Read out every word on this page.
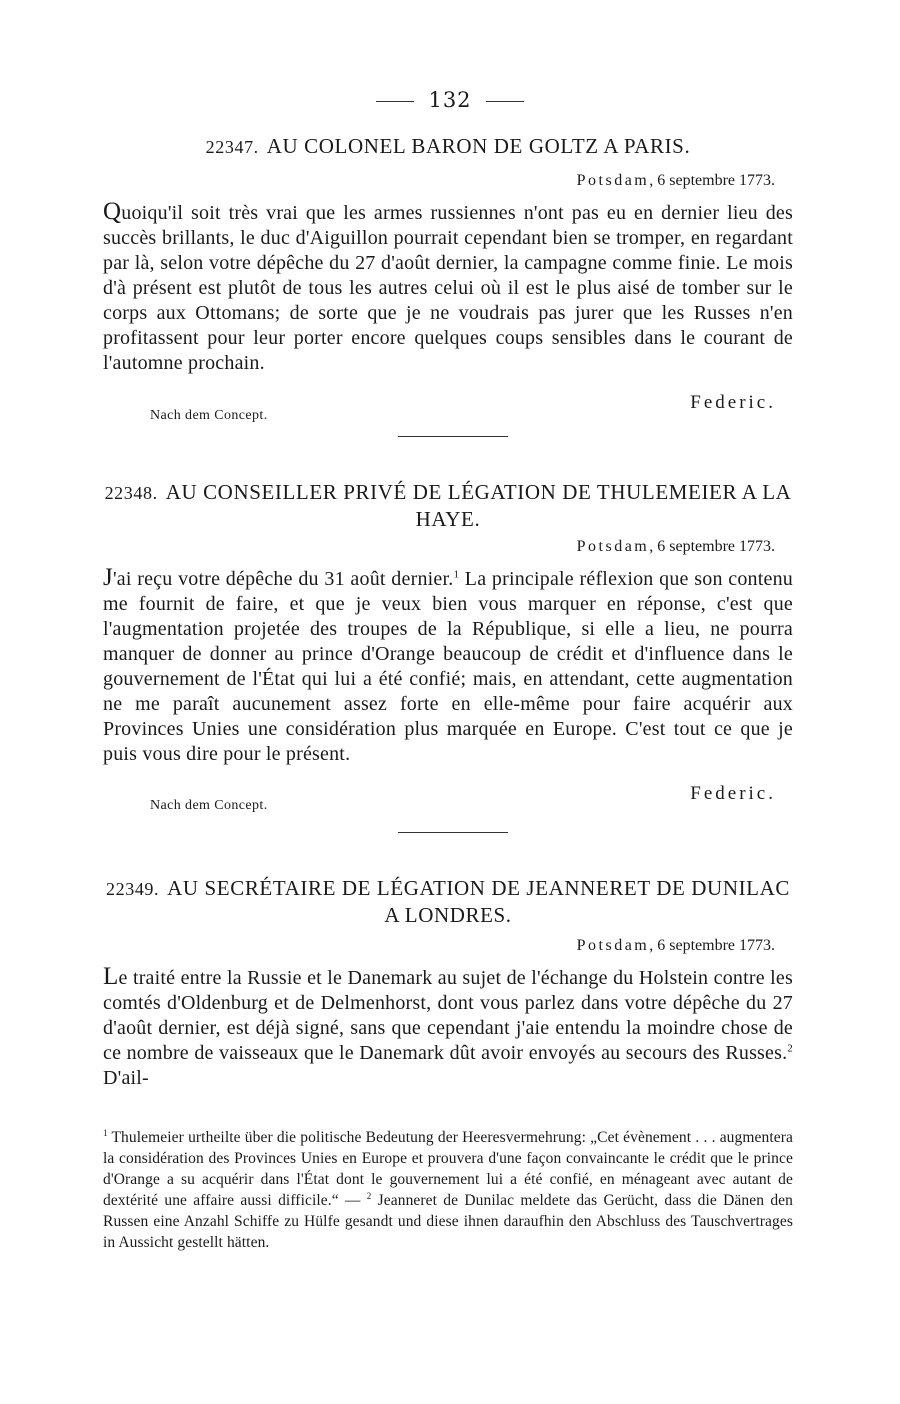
132
22347. AU COLONEL BARON DE GOLTZ A PARIS.
Potsdam, 6 septembre 1773.
Quoiqu'il soit très vrai que les armes russiennes n'ont pas eu en dernier lieu des succès brillants, le duc d'Aiguillon pourrait cependant bien se tromper, en regardant par là, selon votre dépêche du 27 d'août dernier, la campagne comme finie. Le mois d'à présent est plutôt de tous les autres celui où il est le plus aisé de tomber sur le corps aux Ottomans; de sorte que je ne voudrais pas jurer que les Russes n'en profitassent pour leur porter encore quelques coups sensibles dans le courant de l'automne prochain.
Federic.
Nach dem Concept.
22348. AU CONSEILLER PRIVÉ DE LÉGATION DE THULEMEIER A LA HAYE.
Potsdam, 6 septembre 1773.
J'ai reçu votre dépêche du 31 août dernier.$^1$ La principale réflexion que son contenu me fournit de faire, et que je veux bien vous marquer en réponse, c'est que l'augmentation projetée des troupes de la République, si elle a lieu, ne pourra manquer de donner au prince d'Orange beaucoup de crédit et d'influence dans le gouvernement de l'État qui lui a été confié; mais, en attendant, cette augmentation ne me paraît aucunement assez forte en elle-même pour faire acquérir aux Provinces Unies une considération plus marquée en Europe. C'est tout ce que je puis vous dire pour le présent.
Federic.
Nach dem Concept.
22349. AU SECRÉTAIRE DE LÉGATION DE JEANNERET DE DUNILAC A LONDRES.
Potsdam, 6 septembre 1773.
Le traité entre la Russie et le Danemark au sujet de l'échange du Holstein contre les comtés d'Oldenburg et de Delmenhorst, dont vous parlez dans votre dépêche du 27 d'août dernier, est déjà signé, sans que cependant j'aie entendu la moindre chose de ce nombre de vaisseaux que le Danemark dût avoir envoyés au secours des Russes.$^2$ D'ail-
$^1$ Thulemeier urtheilte über die politische Bedeutung der Heeresvermehrung: „Cet évènement . . . augmentera la considération des Provinces Unies en Europe et prouvera d'une façon convaincante le crédit que le prince d'Orange a su acquérir dans l'État dont le gouvernement lui a été confié, en ménageant avec autant de dextérité une affaire aussi difficile.“ — $^2$ Jeanneret de Dunilac meldete das Gerücht, dass die Dänen den Russen eine Anzahl Schiffe zu Hülfe gesandt und diese ihnen daraufhin den Abschluss des Tauschvertrages in Aussicht gestellt hätten.
